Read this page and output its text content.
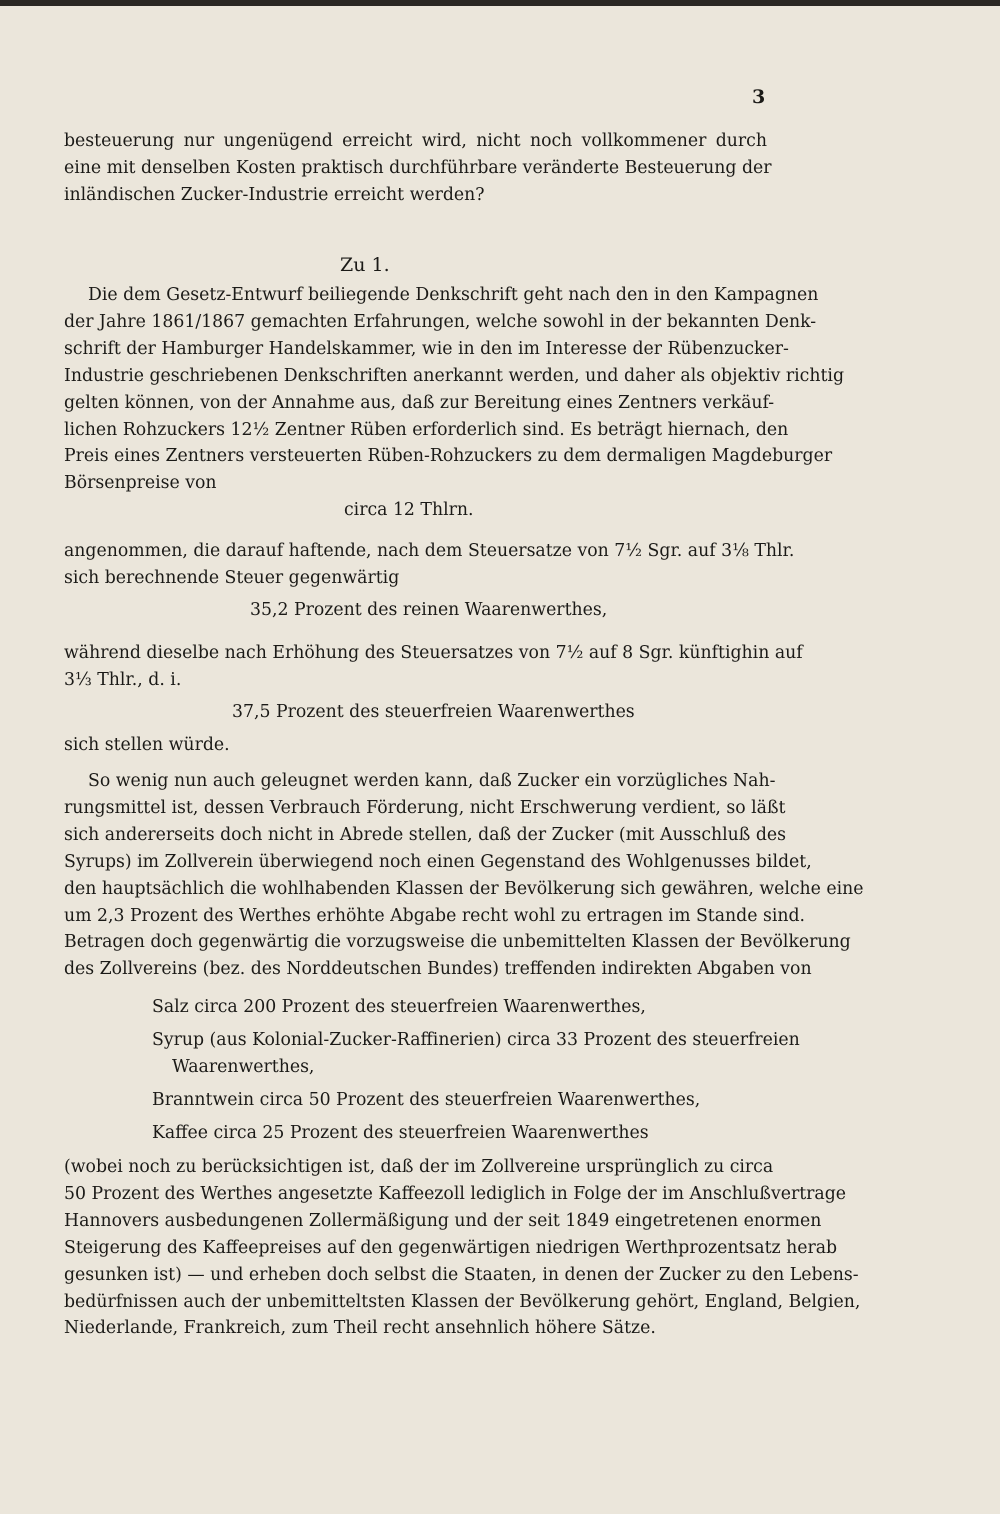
3
besteuerung nur ungenügend erreicht wird, nicht noch vollkommener durch
eine mit denselben Kosten praktisch durchführbare veränderte Besteuerung der
inländischen Zucker-Industrie erreicht werden?
Zu 1.
Die dem Gesetz-Entwurf beiliegende Denkschrift geht nach den in den Kampagnen
der Jahre 1861/1867 gemachten Erfahrungen, welche sowohl in der bekannten Denk-
schrift der Hamburger Handelskammer, wie in den im Interesse der Rübenzucker-
Industrie geschriebenen Denkschriften anerkannt werden, und daher als objektiv richtig
gelten können, von der Annahme aus, daß zur Bereitung eines Zentners verkäuf-
lichen Rohzuckers 12½ Zentner Rüben erforderlich sind. Es beträgt hiernach, den
Preis eines Zentners versteuerten Rüben-Rohzuckers zu dem dermaligen Magdeburger
Börsenpreise von
circa 12 Thlrn.
angenommen, die darauf haftende, nach dem Steuersatze von 7½ Sgr. auf 3⅛ Thlr.
sich berechnende Steuer gegenwärtig
35,2 Prozent des reinen Waarenwerthes,
während dieselbe nach Erhöhung des Steuersatzes von 7½ auf 8 Sgr. künftighin auf
3⅓ Thlr., d. i.
37,5 Prozent des steuerfreien Waarenwerthes
sich stellen würde.
So wenig nun auch geleugnet werden kann, daß Zucker ein vorzügliches Nah-
rungsmittel ist, dessen Verbrauch Förderung, nicht Erschwerung verdient, so läßt
sich andererseits doch nicht in Abrede stellen, daß der Zucker (mit Ausschluß des
Syrups) im Zollverein überwiegend noch einen Gegenstand des Wohlgenusses bildet,
den hauptsächlich die wohlhabenden Klassen der Bevölkerung sich gewähren, welche eine
um 2,3 Prozent des Werthes erhöhte Abgabe recht wohl zu ertragen im Stande sind.
Betragen doch gegenwärtig die vorzugsweise die unbemittelten Klassen der Bevölkerung
des Zollvereins (bez. des Norddeutschen Bundes) treffenden indirekten Abgaben von
Salz circa 200 Prozent des steuerfreien Waarenwerthes,
Syrup (aus Kolonial-Zucker-Raffinerien) circa 33 Prozent des steuerfreien
Waarenwerthes,
Branntwein circa 50 Prozent des steuerfreien Waarenwerthes,
Kaffee circa 25 Prozent des steuerfreien Waarenwerthes
(wobei noch zu berücksichtigen ist, daß der im Zollvereine ursprünglich zu circa
50 Prozent des Werthes angesetzte Kaffeezoll lediglich in Folge der im Anschlußvertrage
Hannovers ausbedungenen Zollermäßigung und der seit 1849 eingetretenen enormen
Steigerung des Kaffeepreises auf den gegenwärtigen niedrigen Werthprozentsatz herab
gesunken ist) — und erheben doch selbst die Staaten, in denen der Zucker zu den Lebens-
bedürfnissen auch der unbemitteltsten Klassen der Bevölkerung gehört, England, Belgien,
Niederlande, Frankreich, zum Theil recht ansehnlich höhere Sätze.
